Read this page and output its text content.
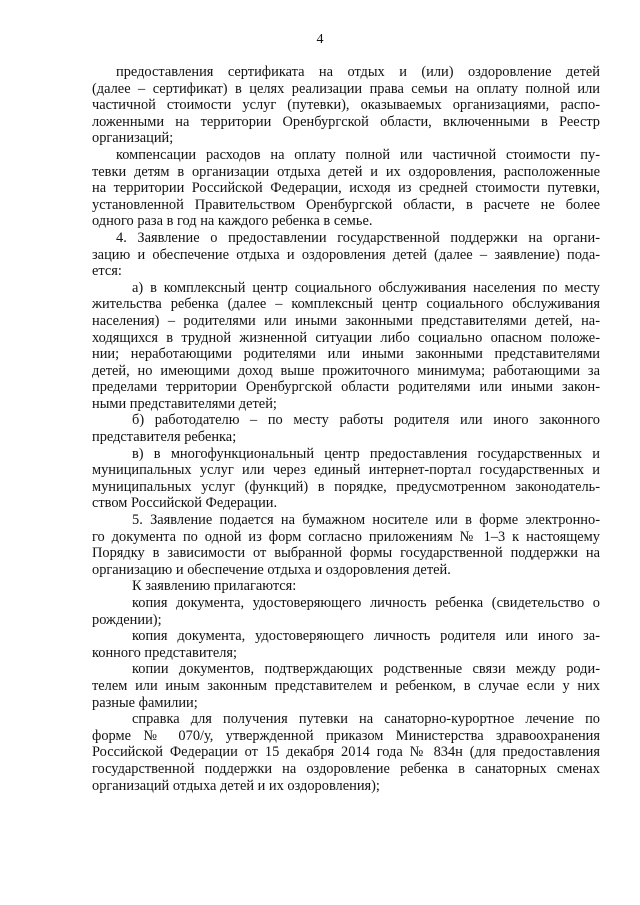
4
предоставления сертификата на отдых и (или) оздоровление детей
(далее – сертификат) в целях реализации права семьи на оплату полной или
частичной стоимости услуг (путевки), оказываемых организациями, распо-
ложенными на территории Оренбургской области, включенными в Реестр
организаций;
компенсации расходов на оплату полной или частичной стоимости пу-
тевки детям в организации отдыха детей и их оздоровления, расположенные
на территории Российской Федерации, исходя из средней стоимости путевки,
установленной Правительством Оренбургской области, в расчете не более
одного раза в год на каждого ребенка в семье.
4. Заявление о предоставлении государственной поддержки на органи-
зацию и обеспечение отдыха и оздоровления детей (далее – заявление) пода-
ется:
а) в комплексный центр социального обслуживания населения по месту
жительства ребенка (далее – комплексный центр социального обслуживания
населения) – родителями или иными законными представителями детей, на-
ходящихся в трудной жизненной ситуации либо социально опасном положе-
нии; неработающими родителями или иными законными представителями
детей, но имеющими доход выше прожиточного минимума; работающими за
пределами территории Оренбургской области родителями или иными закон-
ными представителями детей;
б) работодателю – по месту работы родителя или иного законного
представителя ребенка;
в) в многофункциональный центр предоставления государственных и
муниципальных услуг или через единый интернет-портал государственных и
муниципальных услуг (функций) в порядке, предусмотренном законодатель-
ством Российской Федерации.
5. Заявление подается на бумажном носителе или в форме электронно-
го документа по одной из форм согласно приложениям № 1–3 к настоящему
Порядку в зависимости от выбранной формы государственной поддержки на
организацию и обеспечение отдыха и оздоровления детей.
К заявлению прилагаются:
копия документа, удостоверяющего личность ребенка (свидетельство о
рождении);
копия документа, удостоверяющего личность родителя или иного за-
конного представителя;
копии документов, подтверждающих родственные связи между роди-
телем или иным законным представителем и ребенком, в случае если у них
разные фамилии;
справка для получения путевки на санаторно-курортное лечение по
форме № 070/у, утвержденной приказом Министерства здравоохранения
Российской Федерации от 15 декабря 2014 года № 834н (для предоставления
государственной поддержки на оздоровление ребенка в санаторных сменах
организаций отдыха детей и их оздоровления);
